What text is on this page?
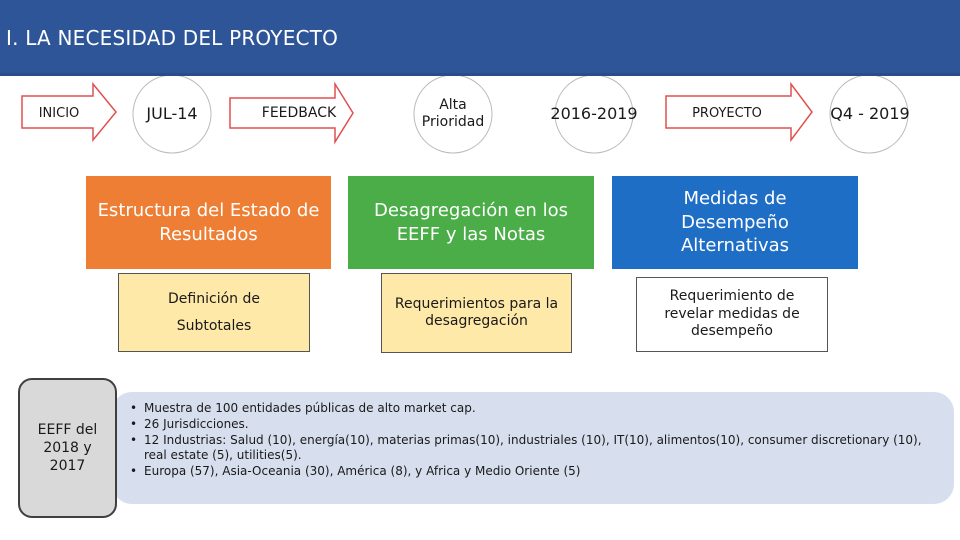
I. LA NECESIDAD DEL PROYECTO
INICIO	JUL-14	FEEDBACK
Alta Prioridad	2016-2019	PROYECTO	Q4 - 2019
Estructura del Estado de Resultados
Definición de Subtotales
Desagregación en los EEFF y las Notas
Requerimientos para la desagregación
Medidas de Desempeño Alternativas
Requerimiento de revelar medidas de desempeño
• Muestra de 100 entidades públicas de alto market cap.
• 26 Jurisdicciones.
• 12 Industrias: Salud (10), energía(10), materias primas(10), industriales (10), IT(10), alimentos(10), consumer discretionary (10), real estate (5), utilities(5).
• Europa (57), Asia-Oceania (30), América (8), y Africa y Medio Oriente (5)
EEFF del 2018 y 2017
